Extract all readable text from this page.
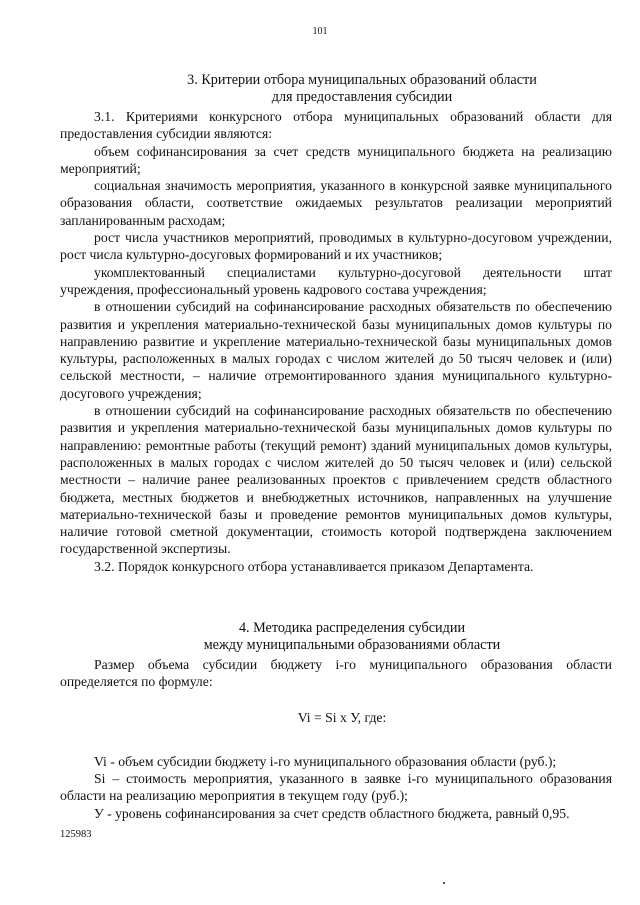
101
3. Критерии отбора муниципальных образований области
для предоставления субсидии

3.1. Критериями конкурсного отбора муниципальных образований области для предоставления субсидии являются:

объем софинансирования за счет средств муниципального бюджета на реализацию мероприятий;

социальная значимость мероприятия, указанного в конкурсной заявке муниципального образования области, соответствие ожидаемых результатов реализации мероприятий запланированным расходам;

рост числа участников мероприятий, проводимых в культурно-досуговом учреждении, рост числа культурно-досуговых формирований и их участников;

укомплектованный специалистами культурно-досуговой деятельности штат учреждения, профессиональный уровень кадрового состава учреждения;

в отношении субсидий на софинансирование расходных обязательств по обеспечению развития и укрепления материально-технической базы муниципальных домов культуры по направлению развитие и укрепление материально-технической базы муниципальных домов культуры, расположенных в малых городах с числом жителей до 50 тысяч человек и (или) сельской местности, – наличие отремонтированного здания муниципального культурно-досугового учреждения;

в отношении субсидий на софинансирование расходных обязательств по обеспечению развития и укрепления материально-технической базы муниципальных домов культуры по направлению: ремонтные работы (текущий ремонт) зданий муниципальных домов культуры, расположенных в малых городах с числом жителей до 50 тысяч человек и (или) сельской местности – наличие ранее реализованных проектов с привлечением средств областного бюджета, местных бюджетов и внебюджетных источников, направленных на улучшение материально-технической базы и проведение ремонтов муниципальных домов культуры, наличие готовой сметной документации, стоимость которой подтверждена заключением государственной экспертизы.

3.2. Порядок конкурсного отбора устанавливается приказом Департамента.

4. Методика распределения субсидии
между муниципальными образованиями области

Размер объема субсидии бюджету i-го муниципального образования области определяется по формуле:

Vi = Si х У, где:

Vi - объем субсидии бюджету i-го муниципального образования области (руб.);

Si – стоимость мероприятия, указанного в заявке i-го муниципального образования области на реализацию мероприятия в текущем году (руб.);

У - уровень софинансирования за счет средств областного бюджета, равный 0,95.

125983
